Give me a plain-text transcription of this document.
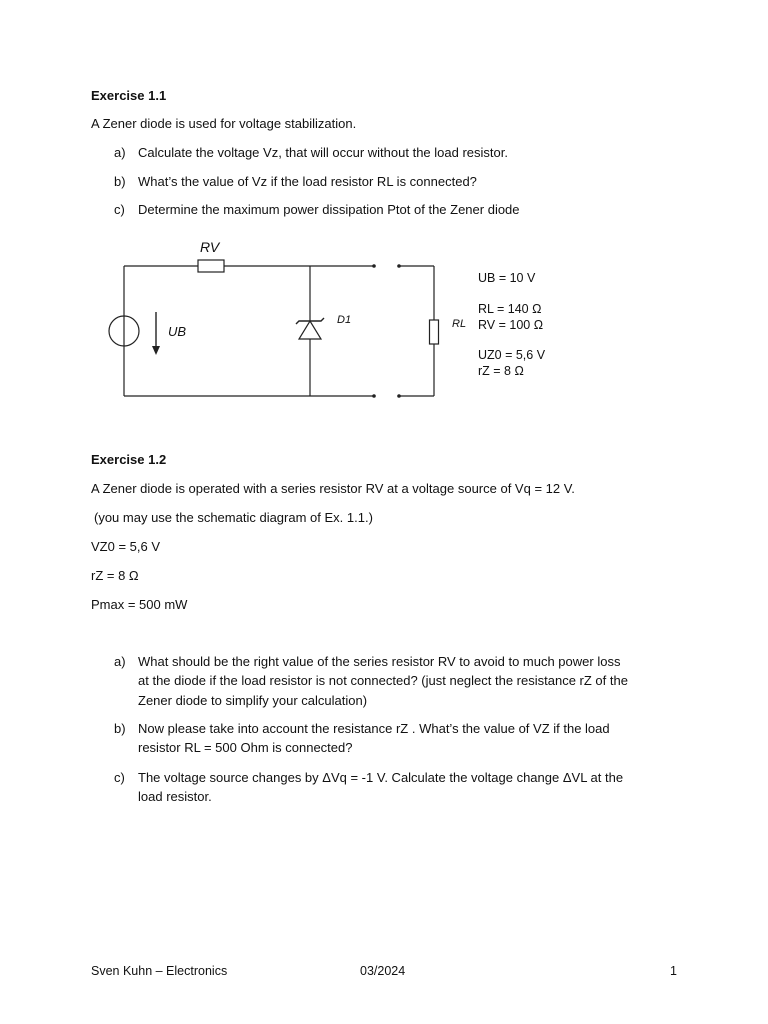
Exercise 1.1
A Zener diode is used for voltage stabilization.
a) Calculate the voltage Vz, that will occur without the load resistor.
b) What’s the value of Vz if the load resistor RL is connected?
c)	Determine the maximum power dissipation Ptot of the Zener diode
RV
UB
D1	RL
UB = 10 V
RL = 140 Ω
RV = 100 Ω
UZ0 = 5,6 V
rZ = 8 Ω
Exercise 1.2
A Zener diode is operated with a series resistor RV at a voltage source of Vq = 12 V.
(you may use the schematic diagram of Ex. 1.1.)
VZ0 = 5,6 V
rZ = 8 Ω
Pmax = 500 mW
a) What should be the right value of the series resistor RV to avoid to much power loss
at the diode if the load resistor is not connected? (just neglect the resistance rZ of the
Zener diode to simplify your calculation)
b) Now please take into account the resistance rZ . What’s the value of VZ if the load
resistor RL = 500 Ohm is connected?
c)	The voltage source changes by ΔVq = -1 V. Calculate the voltage change ΔVL at the
load resistor.
Sven Kuhn – Electronics	03/2024	1
